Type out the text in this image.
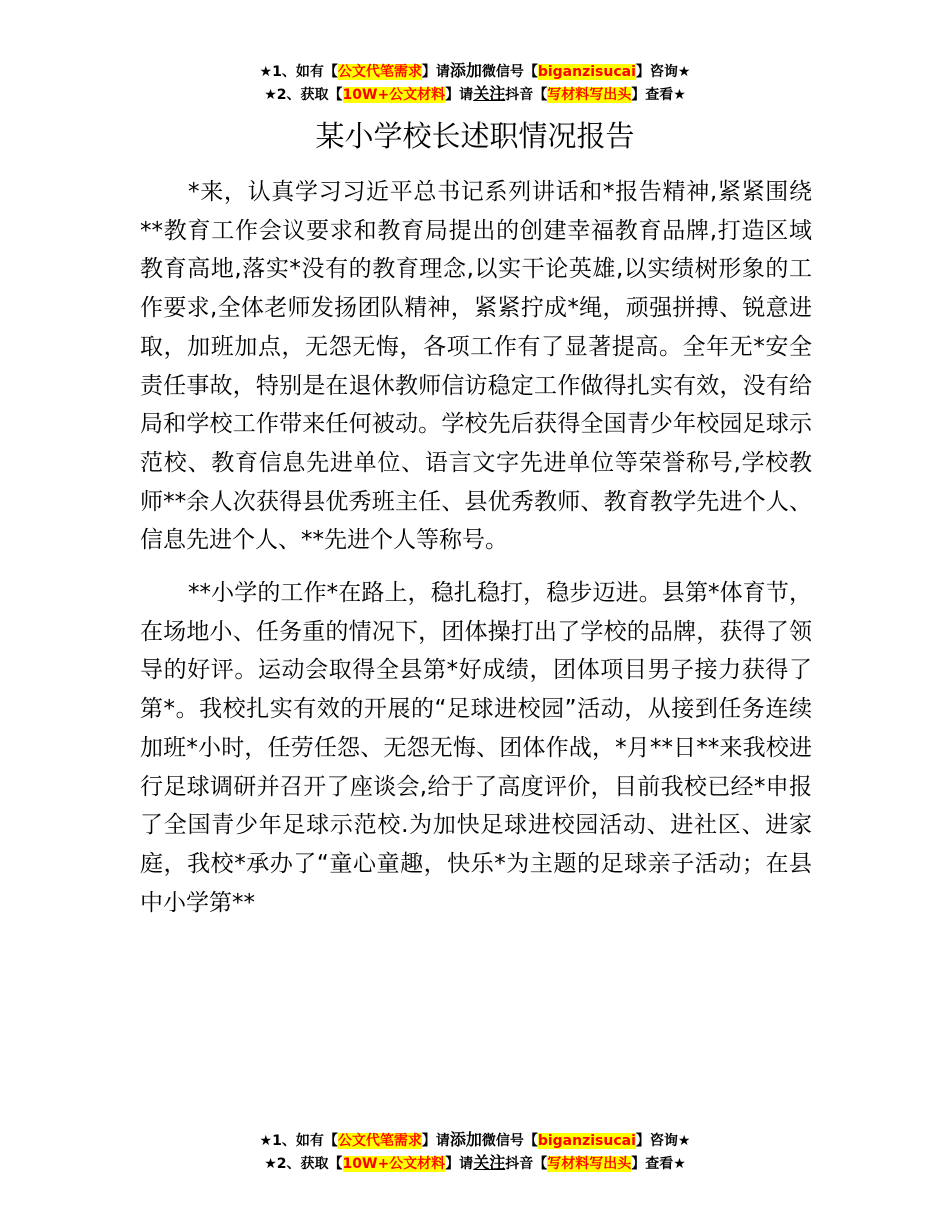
★1、如有【公文代笔需求】请添加微信号【biganzisucai】咨询★
★2、获取【10W+公文材料】请关注抖音【写材料写出头】查看★
某小学校长述职情况报告

*来，认真学习习近平总书记系列讲话和*报告精神,紧紧围绕**教育工作会议要求和教育局提出的创建幸福教育品牌,打造区域教育高地,落实*没有的教育理念,以实干论英雄,以实绩树形象的工作要求,全体老师发扬团队精神，紧紧拧成*绳，顽强拼搏、锐意进取，加班加点，无怨无悔，各项工作有了显著提高。全年无*安全责任事故，特别是在退休教师信访稳定工作做得扎实有效，没有给局和学校工作带来任何被动。学校先后获得全国青少年校园足球示范校、教育信息先进单位、语言文字先进单位等荣誉称号,学校教师**余人次获得县优秀班主任、县优秀教师、教育教学先进个人、信息先进个人、**先进个人等称号。

**小学的工作*在路上，稳扎稳打，稳步迈进。县第*体育节，在场地小、任务重的情况下，团体操打出了学校的品牌，获得了领导的好评。运动会取得全县第*好成绩，团体项目男子接力获得了第*。我校扎实有效的开展的“足球进校园”活动，从接到任务连续加班*小时，任劳任怨、无怨无悔、团体作战，*月**日**来我校进行足球调研并召开了座谈会,给于了高度评价，目前我校已经*申报了全国青少年足球示范校.为加快足球进校园活动、进社区、进家庭，我校*承办了“童心童趣，快乐*为主题的足球亲子活动；在县中小学第**

★1、如有【公文代笔需求】请添加微信号【biganzisucai】咨询★
★2、获取【10W+公文材料】请关注抖音【写材料写出头】查看★
